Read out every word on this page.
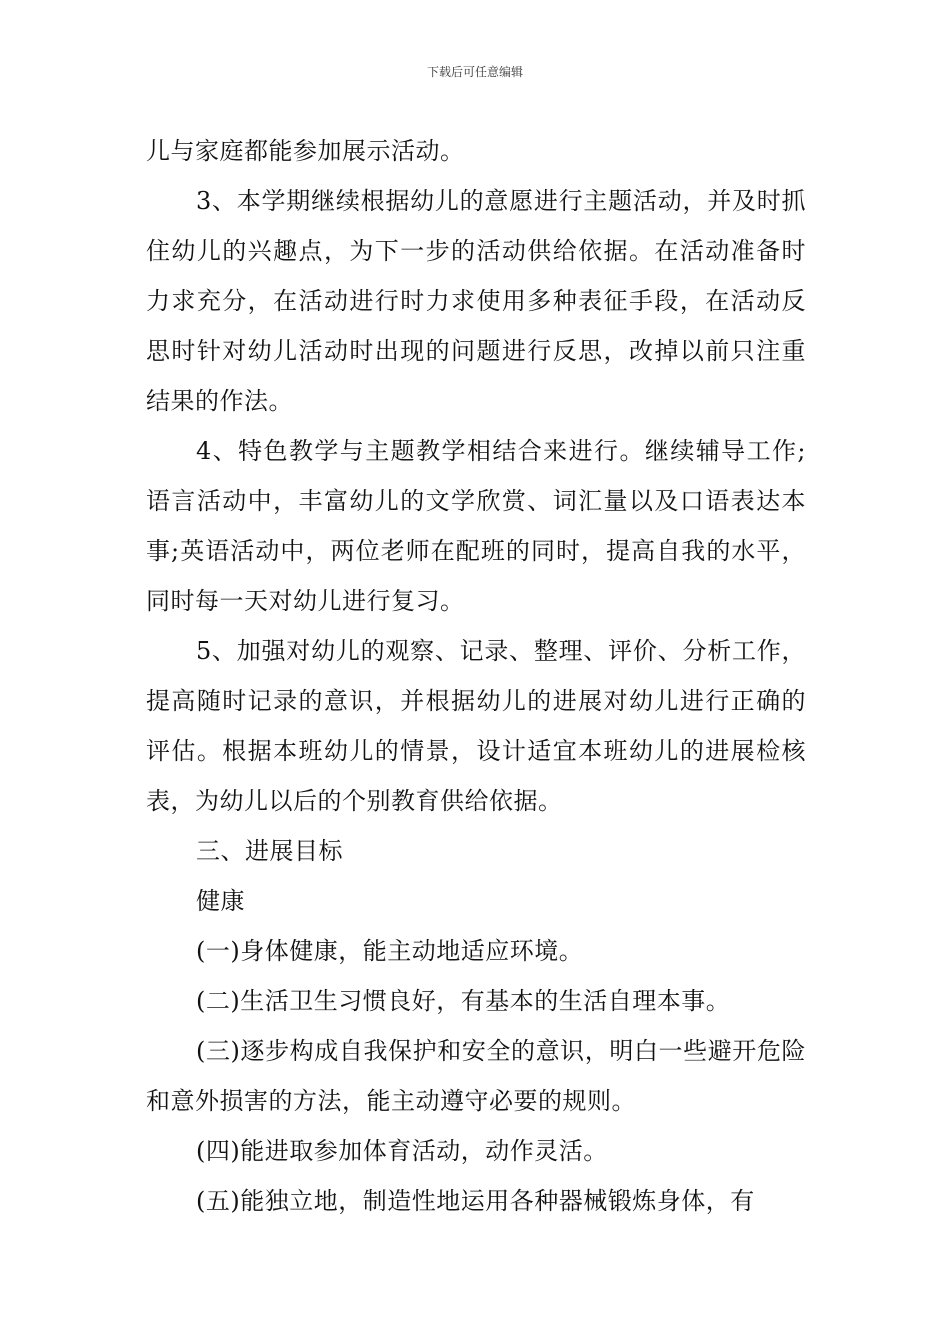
下载后可任意编辑

儿与家庭都能参加展示活动。

3、本学期继续根据幼儿的意愿进行主题活动，并及时抓住幼儿的兴趣点，为下一步的活动供给依据。在活动准备时力求充分，在活动进行时力求使用多种表征手段，在活动反思时针对幼儿活动时出现的问题进行反思，改掉以前只注重结果的作法。

4、特色教学与主题教学相结合来进行。继续辅导工作;语言活动中，丰富幼儿的文学欣赏、词汇量以及口语表达本事;英语活动中，两位老师在配班的同时，提高自我的水平，同时每一天对幼儿进行复习。

5、加强对幼儿的观察、记录、整理、评价、分析工作，提高随时记录的意识，并根据幼儿的进展对幼儿进行正确的评估。根据本班幼儿的情景，设计适宜本班幼儿的进展检核表，为幼儿以后的个别教育供给依据。

三、进展目标

健康

(一)身体健康，能主动地适应环境。

(二)生活卫生习惯良好，有基本的生活自理本事。

(三)逐步构成自我保护和安全的意识，明白一些避开危险和意外损害的方法，能主动遵守必要的规则。

(四)能进取参加体育活动，动作灵活。

(五)能独立地，制造性地运用各种器械锻炼身体，有
